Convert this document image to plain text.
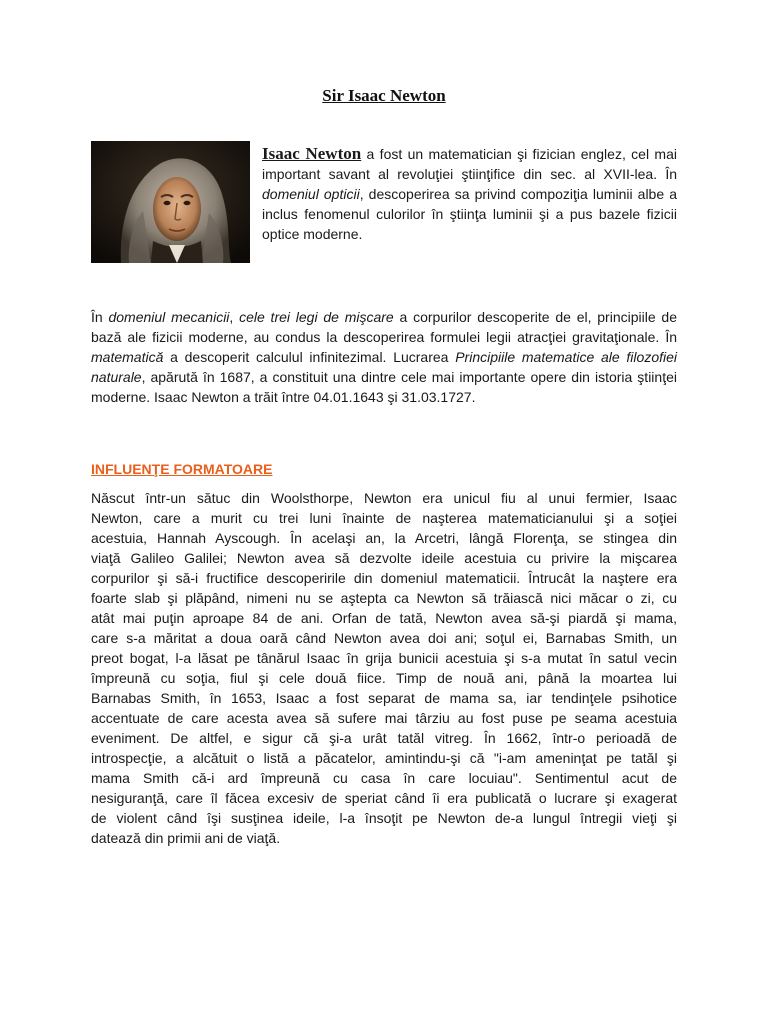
Sir Isaac Newton
Isaac Newton a fost un matematician şi fizician englez, cel mai important savant al revoluţiei ştiinţifice din sec. al XVII-lea. În domeniul opticii, descoperirea sa privind compoziţia luminii albe a inclus fenomenul culorilor în ştiinţa luminii şi a pus bazele fizicii optice moderne.

În domeniul mecanicii, cele trei legi de mişcare a corpurilor descoperite de el, principiile de bază ale fizicii moderne, au condus la descoperirea formulei legii atracţiei gravitaţionale. În matematică a descoperit calculul infinitezimal. Lucrarea Principiile matematice ale filozofiei naturale, apărută în 1687, a constituit una dintre cele mai importante opere din istoria ştiinţei moderne. Isaac Newton a trăit între 04.01.1643 şi 31.03.1727.

INFLUENŢE FORMATOARE
Născut într-un sătuc din Woolsthorpe, Newton era unicul fiu al unui fermier, Isaac
Newton, care a murit cu trei luni înainte de naşterea matematicianului şi a soţiei
acestuia, Hannah Ayscough. În acelaşi an, la Arcetri, lângă Florenţa, se stingea din
viaţă Galileo Galilei; Newton avea să dezvolte ideile acestuia cu privire la mişcarea
corpurilor şi să-i fructifice descoperirile din domeniul matematicii. Întrucât la naştere era
foarte slab şi plăpând, nimeni nu se aştepta ca Newton să trăiască nici măcar o zi, cu
atât mai puţin aproape 84 de ani. Orfan de tată, Newton avea să-şi piardă şi mama,
care s-a măritat a doua oară când Newton avea doi ani; soţul ei, Barnabas Smith, un
preot bogat, l-a lăsat pe tânărul Isaac în grija bunicii acestuia şi s-a mutat în satul vecin
împreună cu soţia, fiul şi cele două fiice. Timp de nouă ani, până la moartea lui
Barnabas Smith, în 1653, Isaac a fost separat de mama sa, iar tendinţele psihotice
accentuate de care acesta avea să sufere mai târziu au fost puse pe seama acestuia
eveniment. De altfel, e sigur că şi-a urât tatăl vitreg. În 1662, într-o perioadă de
introspecţie, a alcătuit o listă a păcatelor, amintindu-şi că "i-am ameninţat pe tatăl şi
mama Smith că-i ard împreună cu casa în care locuiau". Sentimentul acut de
nesiguranţă, care îl făcea excesiv de speriat când îi era publicată o lucrare şi exagerat
de violent când îşi susţinea ideile, l-a însoţit pe Newton de-a lungul întregii vieţi şi
datează din primii ani de viaţă.
